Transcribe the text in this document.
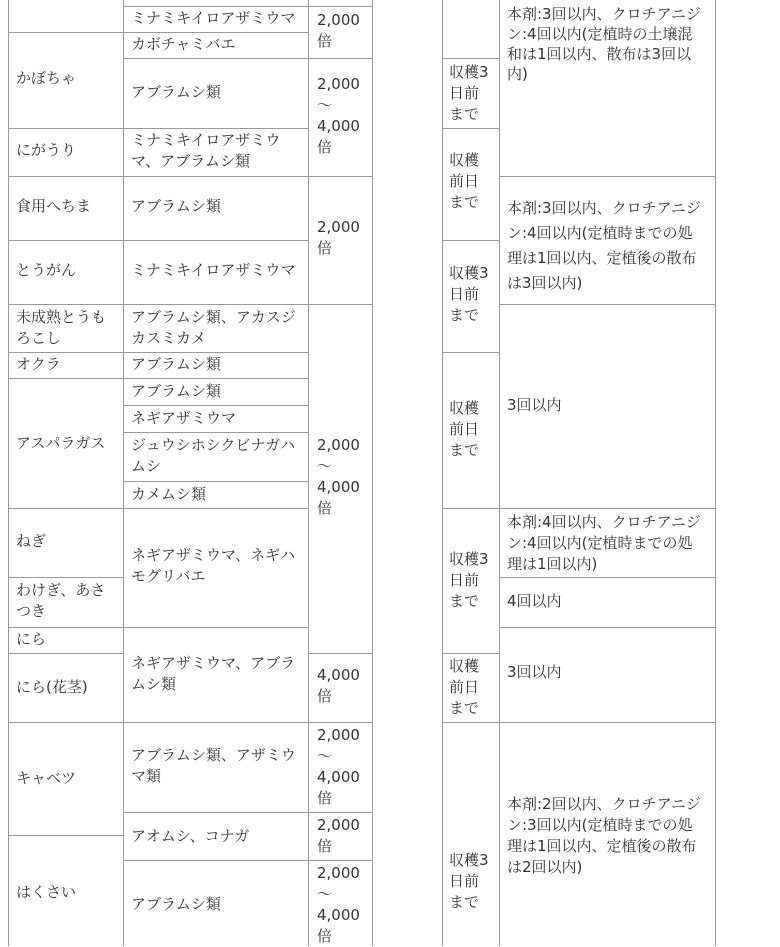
かぼちゃ
にがうり
食用へちま
とうがん
未成熟とうも
ろこし
オクラ
アスパラガス
ねぎ
わけぎ、あさ
つき
にら
にら(花茎)
キャベツ
はくさい
ミナミキイロアザミウマ
カボチャミバエ
アブラムシ類
ミナミキイロアザミウ
マ、アブラムシ類
アブラムシ類
ミナミキイロアザミウマ
アブラムシ類、アカスジ
カスミカメ
アブラムシ類
アブラムシ類
ネギアザミウマ
ジュウシホシクビナガハ
ムシ
カメムシ類
ネギアザミウマ、ネギハ
モグリバエ
ネギアザミウマ、アブラ
ムシ類
アブラムシ類、アザミウ
マ類
アオムシ、コナガ
アブラムシ類
2,000
倍
2,000
〜
4,000
倍
2,000
倍
2,000
〜
4,000
倍
4,000
倍
2,000
〜
4,000
倍
2,000
倍
2,000
〜
4,000
倍
収穫3
日前
まで
収穫
前日
まで
収穫3
日前
まで
収穫
前日
まで
収穫3
日前
まで
収穫
前日
まで
収穫3
日前
まで
本剤:3回以内、クロチアニジ
ン:4回以内(定植時の土壌混
和は1回以内、散布は3回以
内)
本剤:3回以内、クロチアニジ
ン:4回以内(定植時までの処
理は1回以内、定植後の散布
は3回以内)
3回以内
本剤:4回以内、クロチアニジ
ン:4回以内(定植時までの処
理は1回以内)
4回以内
3回以内
本剤:2回以内、クロチアニジ
ン:3回以内(定植時までの処
理は1回以内、定植後の散布
は2回以内)
